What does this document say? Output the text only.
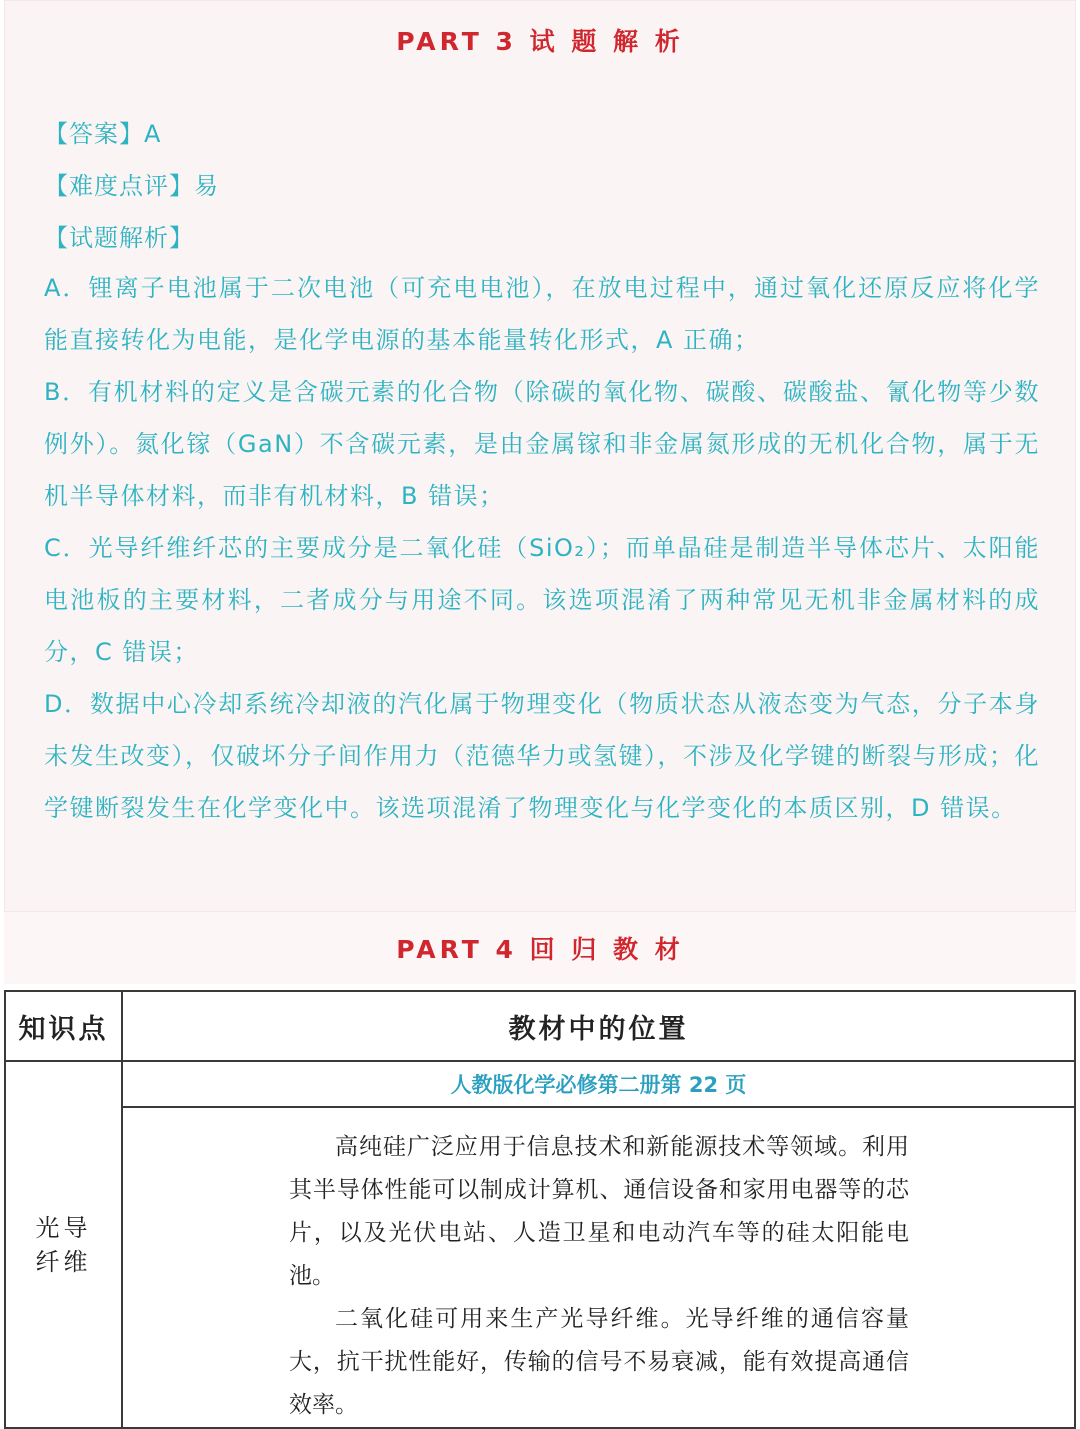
PART 3 试 题 解 析
【答案】A
【难度点评】易
【试题解析】

A．锂离子电池属于二次电池（可充电电池），在放电过程中，通过氧化还原反应将化学能直接转化为电能，是化学电源的基本能量转化形式，A 正确；

B．有机材料的定义是含碳元素的化合物（除碳的氧化物、碳酸、碳酸盐、氰化物等少数例外）。氮化镓（GaN）不含碳元素，是由金属镓和非金属氮形成的无机化合物，属于无机半导体材料，而非有机材料，B 错误；

C．光导纤维纤芯的主要成分是二氧化硅（SiO₂）；而单晶硅是制造半导体芯片、太阳能电池板的主要材料，二者成分与用途不同。该选项混淆了两种常见无机非金属材料的成分，C 错误；

D．数据中心冷却系统冷却液的汽化属于物理变化（物质状态从液态变为气态，分子本身未发生改变），仅破坏分子间作用力（范德华力或氢键），不涉及化学键的断裂与形成；化学键断裂发生在化学变化中。该选项混淆了物理变化与化学变化的本质区别，D 错误。

PART 4 回 归 教 材
知识点	教材中的位置
光导
纤维	人教版化学必修第二册第 22 页

	高纯硅广泛应用于信息技术和新能源技术等领域。利用其半导体性能可以制成计算机、通信设备和家用电器等的芯片，以及光伏电站、人造卫星和电动汽车等的硅太阳能电池。

二氧化硅可用来生产光导纤维。光导纤维的通信容量大，抗干扰性能好，传输的信号不易衰减，能有效提高通信效率。
